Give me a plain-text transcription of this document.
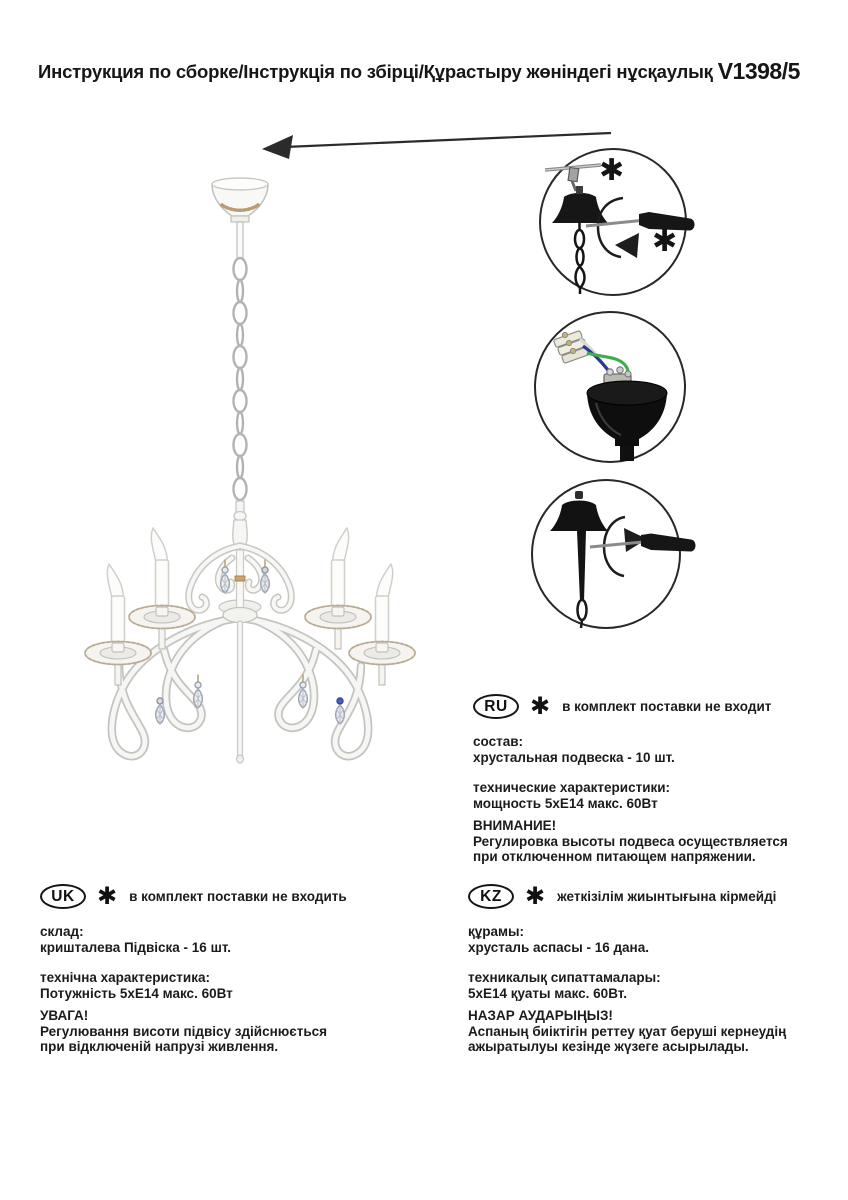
Инструкция по сборке/Інструкція по збірці/Құрастыру жөніндегі нұсқаулық V1398/5
✱
✱
RU ✱ в комплект поставки не входит

состав:

хрустальная подвеска - 10 шт.

технические характеристики:

мощность 5хЕ14 макс. 60Вт

ВНИМАНИЕ!

Регулировка высоты подвеса осуществляется

при отключенном питающем напряжении.

UK ✱ в комплект поставки не входить

склад:

кришталева Підвіска - 16 шт.

технічна характеристика:

Потужність 5хЕ14 макс. 60Вт

УВАГА!

Регулювання висоти підвісу здійснюється

при відключеній напрузі живлення.

KZ ✱ жеткізілім жиынтығына кірмейді

құрамы:

хрусталь аспасы - 16 дана.

техникалық сипаттамалары:

5хЕ14 қуаты макс. 60Вт.

НАЗАР АУДАРЫҢЫЗ!

Аспаның биіктігін реттеу қуат беруші кернеудің

ажыратылуы кезінде жүзеге асырылады.
